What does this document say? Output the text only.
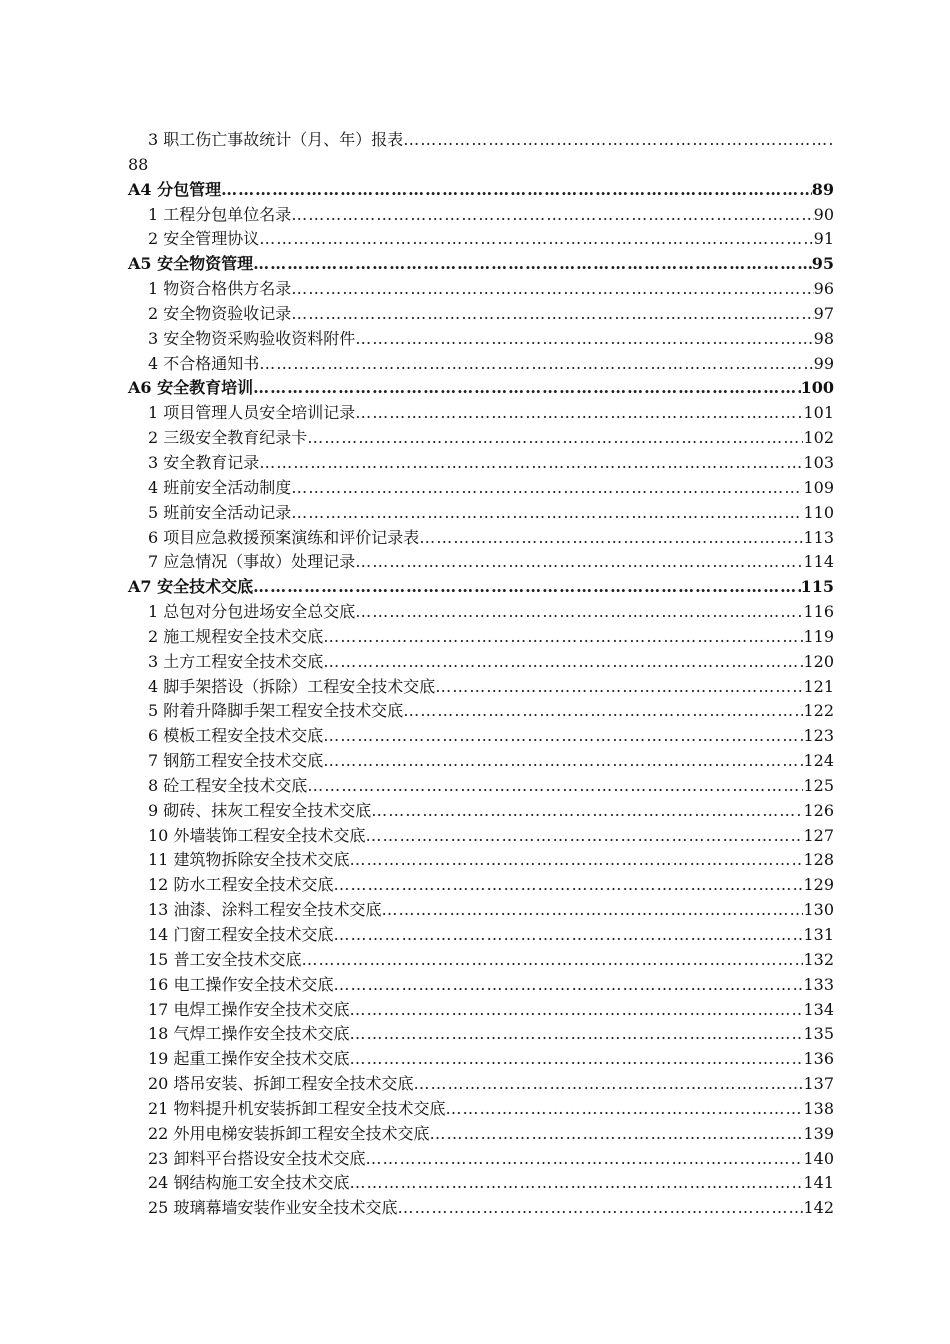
3 职工伤亡事故统计（月、年）报表
……………………………………………………………………………………………………………………………………………………………………………………………………
88
A4 分包管理 ……………………………………………………………………………………………………………………………………………………………………………………………………	89
1 工程分包单位名录 ……………………………………………………………………………………………………………………………………………………………………………………………………	90
2 安全管理协议 ……………………………………………………………………………………………………………………………………………………………………………………………………	91
A5 安全物资管理 ……………………………………………………………………………………………………………………………………………………………………………………………………	95
1 物资合格供方名录 ……………………………………………………………………………………………………………………………………………………………………………………………………	96
2 安全物资验收记录 ……………………………………………………………………………………………………………………………………………………………………………………………………	97
3 安全物资采购验收资料附件 ……………………………………………………………………………………………………………………………………………………………………………………………………	98
4 不合格通知书 ……………………………………………………………………………………………………………………………………………………………………………………………………	99
A6 安全教育培训 ……………………………………………………………………………………………………………………………………………………………………………………………………	100
1 项目管理人员安全培训记录 ……………………………………………………………………………………………………………………………………………………………………………………………………	101
2 三级安全教育纪录卡 ……………………………………………………………………………………………………………………………………………………………………………………………………	102
3 安全教育记录 ……………………………………………………………………………………………………………………………………………………………………………………………………	103
4 班前安全活动制度 ……………………………………………………………………………………………………………………………………………………………………………………………………	109
5 班前安全活动记录 ……………………………………………………………………………………………………………………………………………………………………………………………………	110
6 项目应急救援预案演练和评价记录表 ……………………………………………………………………………………………………………………………………………………………………………………………………	113
7 应急情况（事故）处理记录 ……………………………………………………………………………………………………………………………………………………………………………………………………	114
A7 安全技术交底 ……………………………………………………………………………………………………………………………………………………………………………………………………	115
1 总包对分包进场安全总交底 ……………………………………………………………………………………………………………………………………………………………………………………………………	116
2 施工规程安全技术交底 ……………………………………………………………………………………………………………………………………………………………………………………………………	119
3 土方工程安全技术交底 ……………………………………………………………………………………………………………………………………………………………………………………………………	120
4 脚手架搭设（拆除）工程安全技术交底 ……………………………………………………………………………………………………………………………………………………………………………………………………	121
5 附着升降脚手架工程安全技术交底 ……………………………………………………………………………………………………………………………………………………………………………………………………	122
6 模板工程安全技术交底 ……………………………………………………………………………………………………………………………………………………………………………………………………	123
7 钢筋工程安全技术交底 ……………………………………………………………………………………………………………………………………………………………………………………………………	124
8 砼工程安全技术交底 ……………………………………………………………………………………………………………………………………………………………………………………………………	125
9 砌砖、抹灰工程安全技术交底 ……………………………………………………………………………………………………………………………………………………………………………………………………	126
10 外墙装饰工程安全技术交底 ……………………………………………………………………………………………………………………………………………………………………………………………………	127
11 建筑物拆除安全技术交底 ……………………………………………………………………………………………………………………………………………………………………………………………………	128
12 防水工程安全技术交底 ……………………………………………………………………………………………………………………………………………………………………………………………………	129
13 油漆、涂料工程安全技术交底 ……………………………………………………………………………………………………………………………………………………………………………………………………	130
14 门窗工程安全技术交底 ……………………………………………………………………………………………………………………………………………………………………………………………………	131
15 普工安全技术交底 ……………………………………………………………………………………………………………………………………………………………………………………………………	132
16 电工操作安全技术交底 ……………………………………………………………………………………………………………………………………………………………………………………………………	133
17 电焊工操作安全技术交底 ……………………………………………………………………………………………………………………………………………………………………………………………………	134
18 气焊工操作安全技术交底 ……………………………………………………………………………………………………………………………………………………………………………………………………	135
19 起重工操作安全技术交底 ……………………………………………………………………………………………………………………………………………………………………………………………………	136
20 塔吊安装、拆卸工程安全技术交底 ……………………………………………………………………………………………………………………………………………………………………………………………………	137
21 物料提升机安装拆卸工程安全技术交底 ……………………………………………………………………………………………………………………………………………………………………………………………………	138
22 外用电梯安装拆卸工程安全技术交底 ……………………………………………………………………………………………………………………………………………………………………………………………………	139
23 卸料平台搭设安全技术交底 ……………………………………………………………………………………………………………………………………………………………………………………………………	140
24 钢结构施工安全技术交底 ……………………………………………………………………………………………………………………………………………………………………………………………………	141
25 玻璃幕墙安装作业安全技术交底 ……………………………………………………………………………………………………………………………………………………………………………………………………	142
